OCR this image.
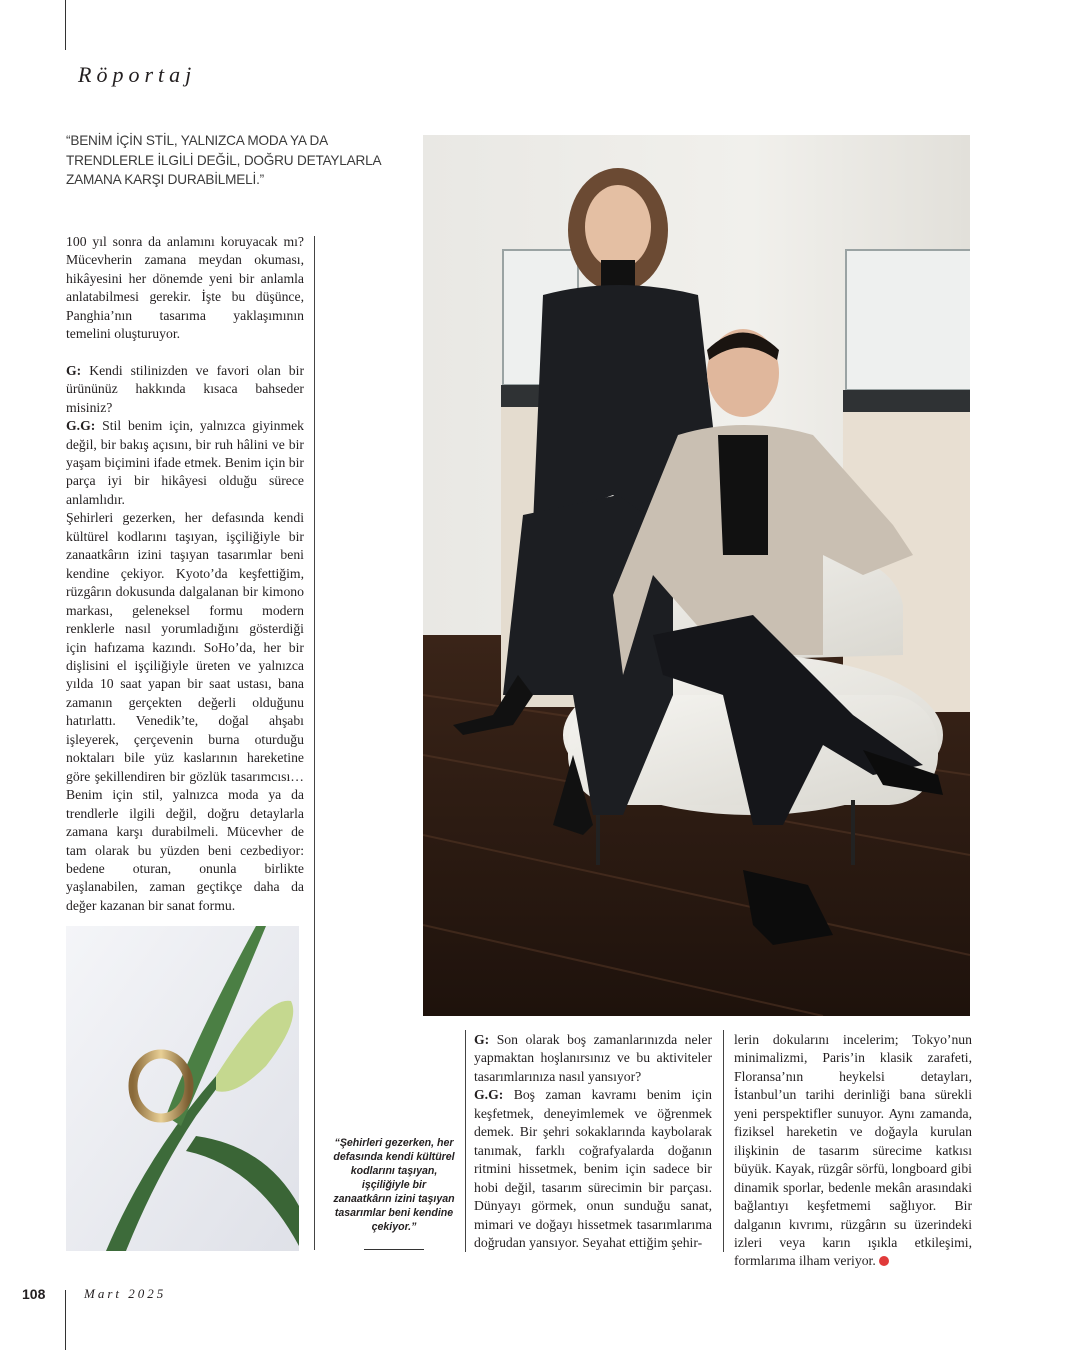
Röportaj
“BENİM İÇİN STİL, YALNIZCA MODA YA DA TRENDLERLE İLGİLİ DEĞİL, DOĞRU DETAYLARLA ZAMANA KARŞI DURABİLMELİ.”

100 yıl sonra da anlamını koruyacak mı? Mücevherin zamana meydan okuması, hikâyesini her dönemde yeni bir anlamla anlatabilmesi gerekir. İşte bu düşünce, Panghia’nın tasarıma yaklaşımının temelini oluşturuyor.

G: Kendi stilinizden ve favori olan bir ürününüz hakkında kısaca bahseder misiniz?

G.G: Stil benim için, yalnızca giyinmek değil, bir bakış açısını, bir ruh hâlini ve bir yaşam biçimini ifade etmek. Benim için bir parça iyi bir hikâyesi olduğu sürece anlamlıdır.

Şehirleri gezerken, her defasında kendi kültürel kodlarını taşıyan, işçiliğiyle bir zanaatkârın izini taşıyan tasarımlar beni kendine çekiyor. Kyoto’da keşfettiğim, rüzgârın dokusunda dalgalanan bir kimono markası, geleneksel formu modern renklerle nasıl yorumladığını gösterdiği için hafızama kazındı. SoHo’da, her bir dişlisini el işçiliğiyle üreten ve yalnızca yılda 10 saat yapan bir saat ustası, bana zamanın gerçekten değerli olduğunu hatırlattı. Venedik’te, doğal ahşabı işleyerek, çerçevenin burna oturduğu noktaları bile yüz kaslarının hareketine göre şekillendiren bir gözlük tasarımcısı… Benim için stil, yalnızca moda ya da trendlerle ilgili değil, doğru detaylarla zamana karşı durabilmeli. Mücevher de tam olarak bu yüzden beni cezbediyor: bedene oturan, onunla birlikte yaşlanabilen, zaman geçtikçe daha da değer kazanan bir sanat formu.

“Şehirleri gezerken, her defasında kendi kültürel kodlarını taşıyan, işçiliğiyle bir zanaatkârın izini taşıyan tasarımlar beni kendine çekiyor.”

G: Son olarak boş zamanlarınızda neler yapmaktan hoşlanırsınız ve bu aktiviteler tasarımlarınıza nasıl yansıyor?

G.G: Boş zaman kavramı benim için keşfetmek, deneyimlemek ve öğrenmek demek. Bir şehri sokaklarında kaybolarak tanımak, farklı coğrafyalarda doğanın ritmini hissetmek, benim için sadece bir hobi değil, tasarım sürecimin bir parçası. Dünyayı görmek, onun sunduğu sanat, mimari ve doğayı hissetmek tasarımlarıma doğrudan yansıyor. Seyahat ettiğim şehir-

lerin dokularını incelerim; Tokyo’nun minimalizmi, Paris’in klasik zarafeti, Floransa’nın heykelsi detayları, İstanbul’un tarihi derinliği bana sürekli yeni perspektifler sunuyor. Aynı zamanda, fiziksel hareketin ve doğayla kurulan ilişkinin de tasarım sürecime katkısı büyük. Kayak, rüzgâr sörfü, longboard gibi dinamik sporlar, bedenle mekân arasındaki bağlantıyı keşfetmemi sağlıyor. Bir dalganın kıvrımı, rüzgârın su üzerindeki izleri veya karın ışıkla etkileşimi, formlarıma ilham veriyor.

108	Mart 2025
